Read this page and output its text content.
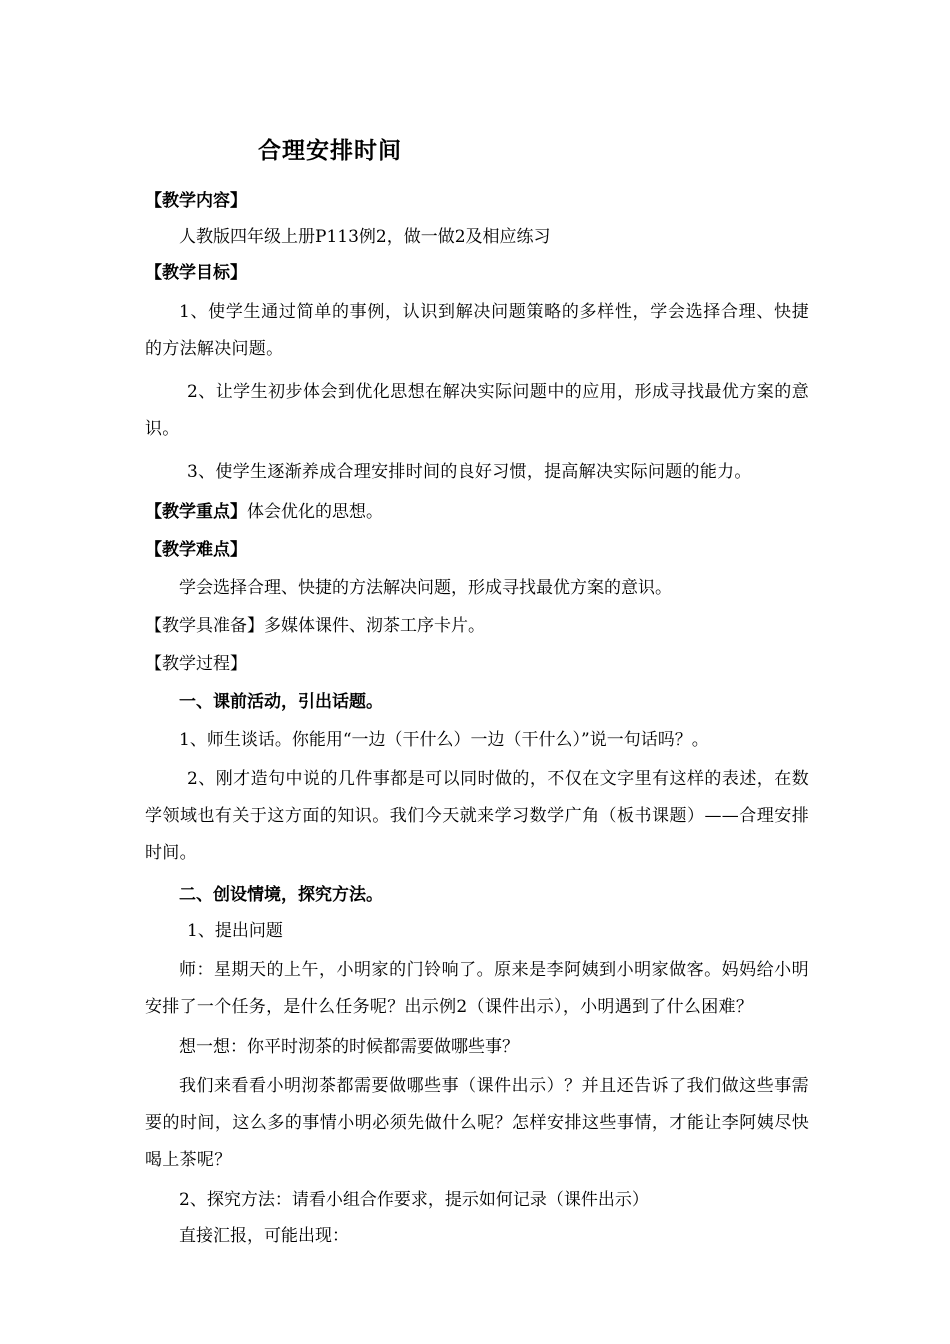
合理安排时间
【教学内容】
人教版四年级上册P113例2，做一做2及相应练习
【教学目标】
1、使学生通过简单的事例，认识到解决问题策略的多样性，学会选择合理、快捷的方法解决问题。
2、让学生初步体会到优化思想在解决实际问题中的应用，形成寻找最优方案的意识。
3、使学生逐渐养成合理安排时间的良好习惯，提高解决实际问题的能力。
【教学重点】体会优化的思想。
【教学难点】
学会选择合理、快捷的方法解决问题，形成寻找最优方案的意识。
【教学具准备】多媒体课件、沏茶工序卡片。
【教学过程】
一、课前活动，引出话题。
1、师生谈话。你能用“一边（干什么）一边（干什么）”说一句话吗？。
2、刚才造句中说的几件事都是可以同时做的，不仅在文字里有这样的表述，在数学领域也有关于这方面的知识。我们今天就来学习数学广角（板书课题）——合理安排时间。
二、创设情境，探究方法。
1、提出问题
师：星期天的上午，小明家的门铃响了。原来是李阿姨到小明家做客。妈妈给小明安排了一个任务，是什么任务呢？出示例2（课件出示），小明遇到了什么困难？
想一想：你平时沏茶的时候都需要做哪些事？
我们来看看小明沏茶都需要做哪些事（课件出示）？并且还告诉了我们做这些事需要的时间，这么多的事情小明必须先做什么呢？怎样安排这些事情，才能让李阿姨尽快喝上茶呢？
2、探究方法：请看小组合作要求，提示如何记录（课件出示）
直接汇报，可能出现：
